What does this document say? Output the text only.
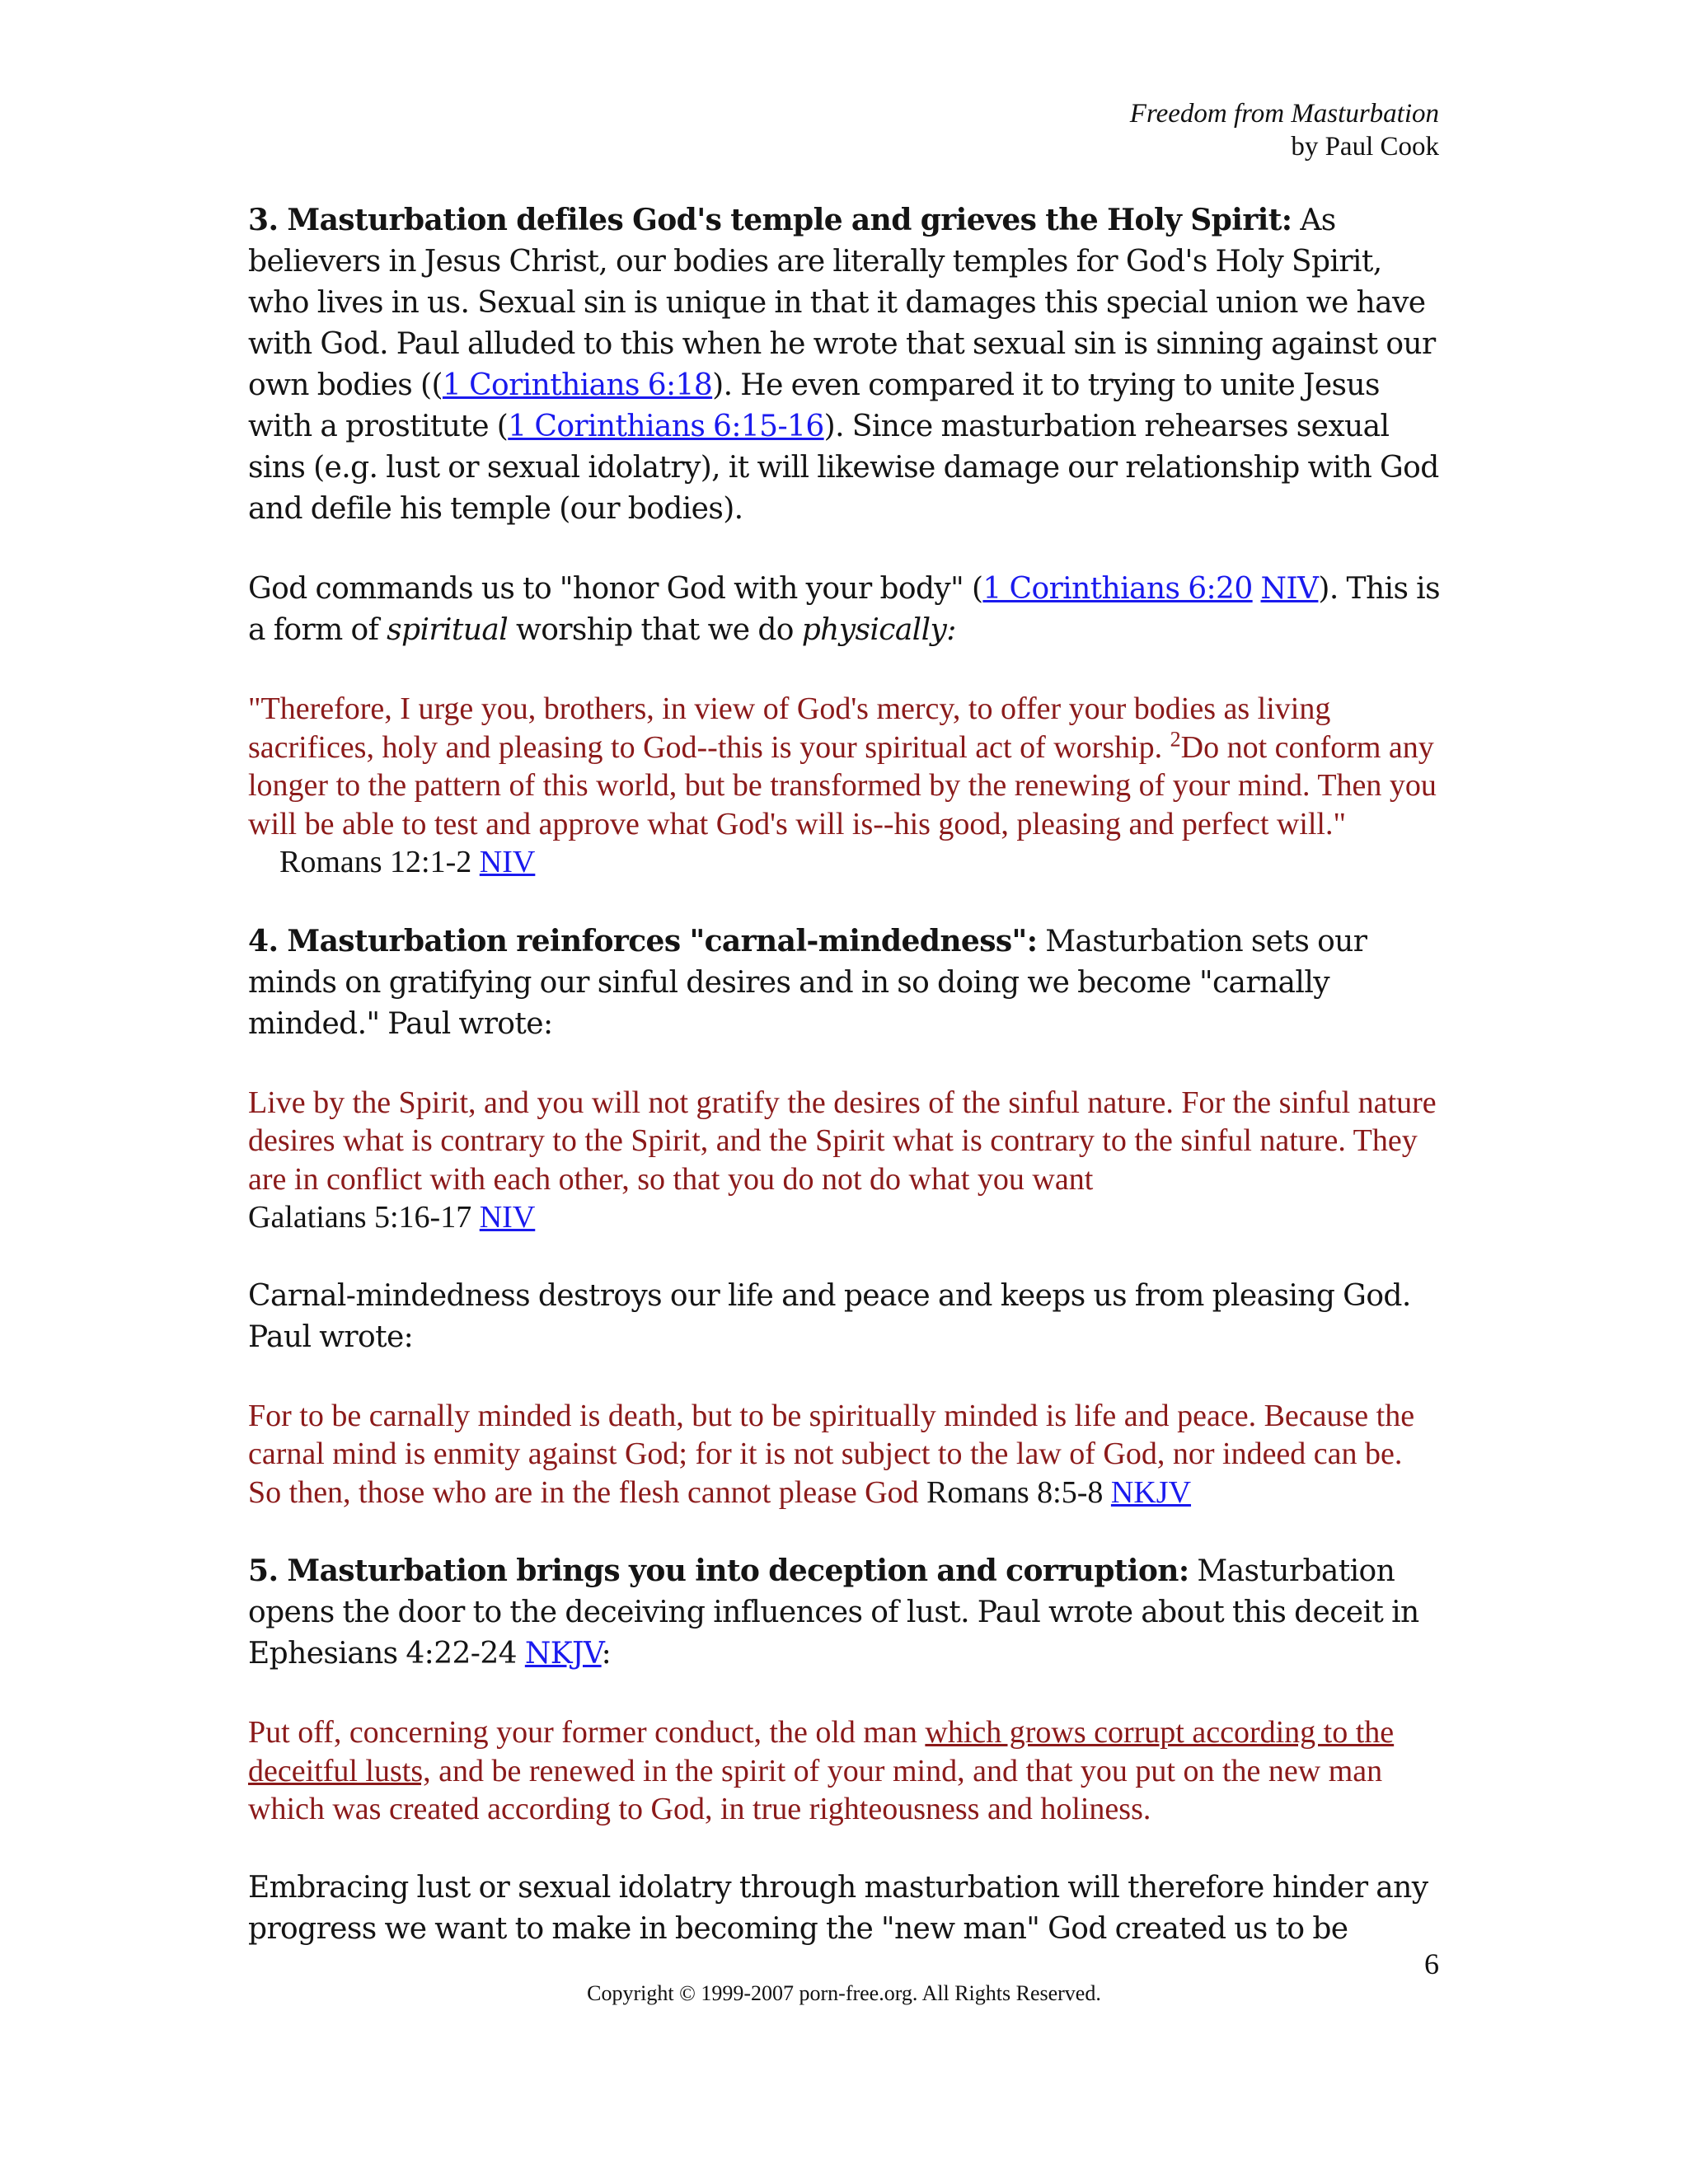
Freedom from Masturbation
by Paul Cook

3. Masturbation defiles God's temple and grieves the Holy Spirit: As believers in Jesus Christ, our bodies are literally temples for God's Holy Spirit, who lives in us. Sexual sin is unique in that it damages this special union we have with God. Paul alluded to this when he wrote that sexual sin is sinning against our own bodies ((1 Corinthians 6:18). He even compared it to trying to unite Jesus with a prostitute (1 Corinthians 6:15-16). Since masturbation rehearses sexual sins (e.g. lust or sexual idolatry), it will likewise damage our relationship with God and defile his temple (our bodies).

God commands us to "honor God with your body" (1 Corinthians 6:20 NIV). This is a form of spiritual worship that we do physically:

"Therefore, I urge you, brothers, in view of God's mercy, to offer your bodies as living sacrifices, holy and pleasing to God--this is your spiritual act of worship. $^2$Do not conform any longer to the pattern of this world, but be transformed by the renewing of your mind. Then you will be able to test and approve what God's will is--his good, pleasing and perfect will."    Romans 12:1-2 NIV

4. Masturbation reinforces "carnal-mindedness": Masturbation sets our minds on gratifying our sinful desires and in so doing we become "carnally minded." Paul wrote:

Live by the Spirit, and you will not gratify the desires of the sinful nature. For the sinful nature desires what is contrary to the Spirit, and the Spirit what is contrary to the sinful nature. They are in conflict with each other, so that you do not do what you want
Galatians 5:16-17 NIV

Carnal-mindedness destroys our life and peace and keeps us from pleasing God. Paul wrote:

For to be carnally minded is death, but to be spiritually minded is life and peace. Because the carnal mind is enmity against God; for it is not subject to the law of God, nor indeed can be. So then, those who are in the flesh cannot please God Romans 8:5-8 NKJV

5. Masturbation brings you into deception and corruption: Masturbation opens the door to the deceiving influences of lust. Paul wrote about this deceit in Ephesians 4:22-24 NKJV:

Put off, concerning your former conduct, the old man which grows corrupt according to the deceitful lusts, and be renewed in the spirit of your mind, and that you put on the new man which was created according to God, in true righteousness and holiness.

Embracing lust or sexual idolatry through masturbation will therefore hinder any progress we want to make in becoming the "new man" God created us to be

6
Copyright © 1999-2007 porn-free.org. All Rights Reserved.
